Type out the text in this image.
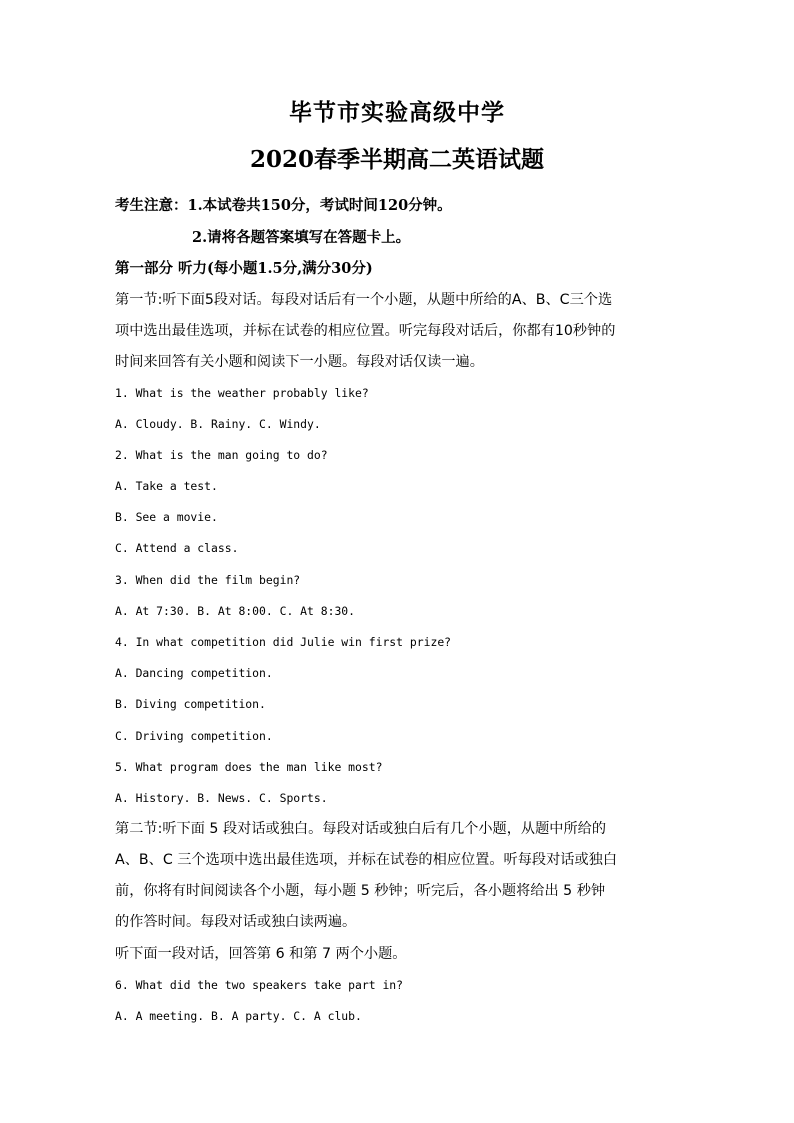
毕节市实验高级中学
2020春季半期高二英语试题
考生注意：1.本试卷共150分，考试时间120分钟。
2.请将各题答案填写在答题卡上。
第一部分 听力(每小题1.5分,满分30分)
第一节:听下面5段对话。每段对话后有一个小题，从题中所给的A、B、C三个选
项中选出最佳选项，并标在试卷的相应位置。听完每段对话后，你都有10秒钟的
时间来回答有关小题和阅读下一小题。每段对话仅读一遍。
1. What is the weather probably like?
A. Cloudy. B. Rainy. C. Windy.
2. What is the man going to do?
A. Take a test.
B. See a movie.
C. Attend a class.
3. When did the film begin?
A. At 7:30. B. At 8:00. C. At 8:30.
4. In what competition did Julie win first prize?
A. Dancing competition.
B. Diving competition.
C. Driving competition.
5. What program does the man like most?
A. History. B. News. C. Sports.
第二节:听下面 5 段对话或独白。每段对话或独白后有几个小题，从题中所给的
A、B、C 三个选项中选出最佳选项，并标在试卷的相应位置。听每段对话或独白
前，你将有时间阅读各个小题，每小题 5 秒钟；听完后，各小题将给出 5 秒钟
的作答时间。每段对话或独白读两遍。
听下面一段对话，回答第 6 和第 7 两个小题。
6. What did the two speakers take part in?
A. A meeting. B. A party. C. A club.
